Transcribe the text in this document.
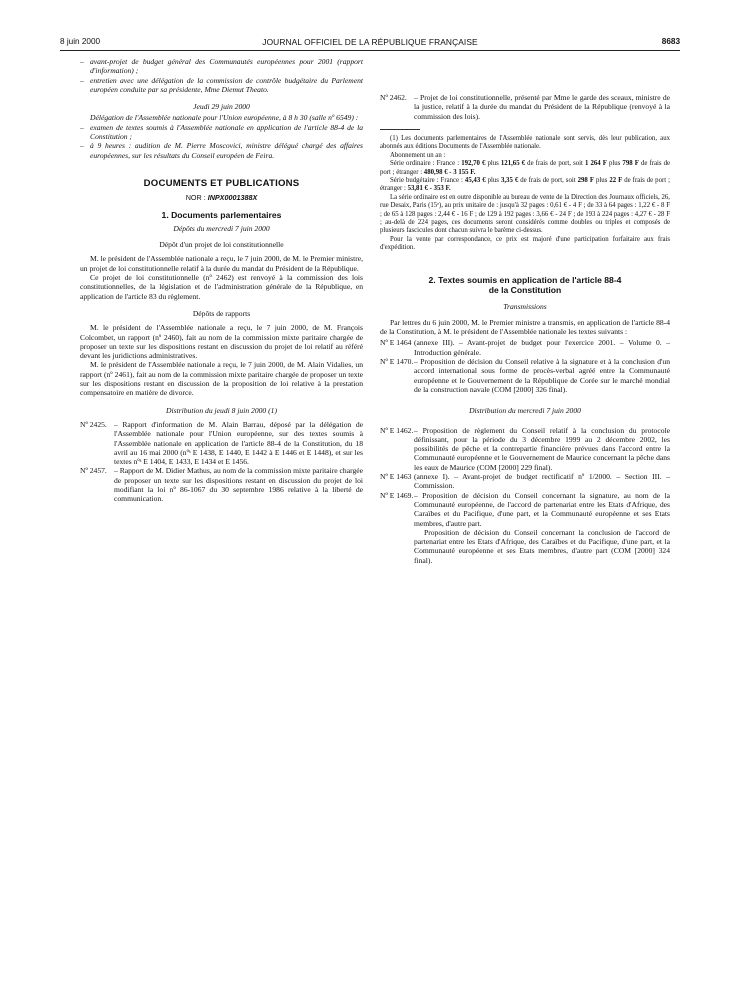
8 juin 2000	JOURNAL OFFICIEL DE LA RÉPUBLIQUE FRANÇAISE	8683

– avant-projet de budget général des Communautés européennes pour 2001 (rapport d'information) ;

– entretien avec une délégation de la commission de contrôle budgétaire du Parlement européen conduite par sa présidente, Mme Diemut Theato.

Jeudi 29 juin 2000

Délégation de l'Assemblée nationale pour l'Union européenne, à 8 h 30 (salle nº 6549) :

– examen de textes soumis à l'Assemblée nationale en application de l'article 88-4 de la Constitution ;

– à 9 heures : audition de M. Pierre Moscovici, ministre délégué chargé des affaires européennes, sur les résultats du Conseil européen de Feira.

DOCUMENTS ET PUBLICATIONS

NOR : INPX0001388X

1. Documents parlementaires

Dépôts du mercredi 7 juin 2000

Dépôt d'un projet de loi constitutionnelle

M. le président de l'Assemblée nationale a reçu, le 7 juin 2000, de M. le Premier ministre, un projet de loi constitutionnelle relatif à la durée du mandat du Président de la République.

Ce projet de loi constitutionnelle (nº 2462) est renvoyé à la commission des lois constitutionnelles, de la législation et de l'administration générale de la République, en application de l'article 83 du règlement.

Dépôts de rapports

M. le président de l'Assemblée nationale a reçu, le 7 juin 2000, de M. François Colcombet, un rapport (nº 2460), fait au nom de la commission mixte paritaire chargée de proposer un texte sur les dispositions restant en discussion du projet de loi relatif au référé devant les juridictions administratives.

M. le président de l'Assemblée nationale a reçu, le 7 juin 2000, de M. Alain Vidalies, un rapport (nº 2461), fait au nom de la commission mixte paritaire chargée de proposer un texte sur les dispositions restant en discussion de la proposition de loi relative à la prestation compensatoire en matière de divorce.

Distribution du jeudi 8 juin 2000 (1)

Nº 2425. – Rapport d'information de M. Alain Barrau, déposé par la délégation de l'Assemblée nationale pour l'Union européenne, sur des textes soumis à l'Assemblée nationale en application de l'article 88-4 de la Constitution, du 18 avril au 16 mai 2000 (nºˢ E 1438, E 1440, E 1442 à E 1446 et E 1448), et sur les textes nºˢ E 1404, E 1433, E 1434 et E 1456.

Nº 2457. – Rapport de M. Didier Mathus, au nom de la commission mixte paritaire chargée de proposer un texte sur les dispositions restant en discussion du projet de loi modifiant la loi nº 86-1067 du 30 septembre 1986 relative à la liberté de communication.

Nº 2462. – Projet de loi constitutionnelle, présenté par Mme le garde des sceaux, ministre de la justice, relatif à la durée du mandat du Président de la République (renvoyé à la commission des lois).

(1) Les documents parlementaires de l'Assemblée nationale sont servis, dès leur publication, aux abonnés aux éditions Documents de l'Assemblée nationale.

Abonnement un an :

Série ordinaire : France : 192,70 € plus 121,65 € de frais de port, soit 1 264 F plus 798 F de frais de port ; étranger : 480,98 € - 3 155 F.

Série budgétaire : France : 45,43 € plus 3,35 € de frais de port, soit 298 F plus 22 F de frais de port ; étranger : 53,81 € - 353 F.

La série ordinaire est en outre disponible au bureau de vente de la Direction des Journaux officiels, 26, rue Desaix, Paris (15ᵉ), au prix unitaire de : jusqu'à 32 pages : 0,61 € - 4 F ; de 33 à 64 pages : 1,22 € - 8 F ; de 65 à 128 pages : 2,44 € - 16 F ; de 129 à 192 pages : 3,66 € - 24 F ; de 193 à 224 pages : 4,27 € - 28 F ; au-delà de 224 pages, ces documents seront considérés comme doubles ou triples et composés de plusieurs fascicules dont chacun suivra le barème ci-dessus.

Pour la vente par correspondance, ce prix est majoré d'une participation forfaitaire aux frais d'expédition.

2. Textes soumis en application de l'article 88-4
de la Constitution

Transmissions

Par lettres du 6 juin 2000, M. le Premier ministre a transmis, en application de l'article 88-4 de la Constitution, à M. le président de l'Assemblée nationale les textes suivants :

Nº E 1464 (annexe III). – Avant-projet de budget pour l'exercice 2001. – Volume 0. – Introduction générale.

Nº E 1470. – Proposition de décision du Conseil relative à la signature et à la conclusion d'un accord international sous forme de procès-verbal agréé entre la Communauté européenne et le Gouvernement de la République de Corée sur le marché mondial de la construction navale (COM [2000] 326 final).

Distribution du mercredi 7 juin 2000

Nº E 1462. – Proposition de règlement du Conseil relatif à la conclusion du protocole définissant, pour la période du 3 décembre 1999 au 2 décembre 2002, les possibilités de pêche et la contrepartie financière prévues dans l'accord entre la Communauté européenne et le Gouvernement de Maurice concernant la pêche dans les eaux de Maurice (COM [2000] 229 final).

Nº E 1463 (annexe I). – Avant-projet de budget rectificatif nº 1/2000. – Section III. – Commission.

Nº E 1469. – Proposition de décision du Conseil concernant la signature, au nom de la Communauté européenne, de l'accord de partenariat entre les Etats d'Afrique, des Caraïbes et du Pacifique, d'une part, et la Communauté européenne et ses Etats membres, d'autre part.

Proposition de décision du Conseil concernant la conclusion de l'accord de partenariat entre les Etats d'Afrique, des Caraïbes et du Pacifique, d'une part, et la Communauté européenne et ses Etats membres, d'autre part (COM [2000] 324 final).
